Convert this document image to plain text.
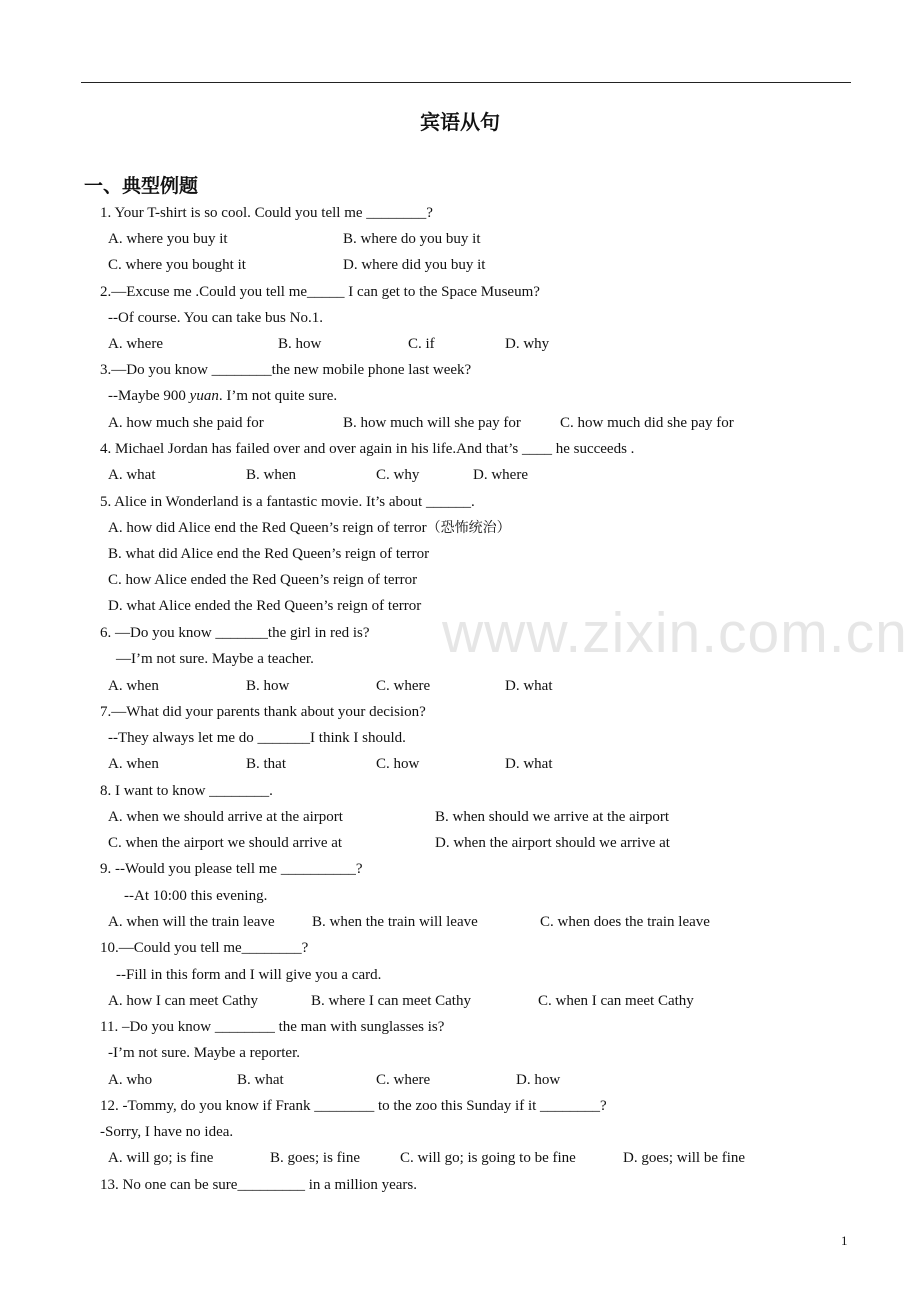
宾语从句
一、典型例题
www.zixin.com.cn
1. Your T-shirt is so cool. Could you tell me ________?
A. where you buy it	B. where do you buy it
C. where you bought it	D. where did you buy it
2.—Excuse me .Could you tell me_____ I can get to the Space Museum?
--Of course. You can take bus No.1.
A. where	B. how	C. if	D. why
3.—Do you know ________the new mobile phone last week?
--Maybe 900 yuan. I’m not quite sure.
A. how much she paid for	B. how much will she pay for	C. how much did she pay for
4. Michael Jordan has failed over and over again in his life.And that’s ____ he succeeds .
A. what	B. when	C. why	D. where
5. Alice in Wonderland is a fantastic movie. It’s about ______.
A. how did Alice end the Red Queen’s reign of terror（恐怖统治）
B. what did Alice end the Red Queen’s reign of terror
C. how Alice ended the Red Queen’s reign of terror
D. what Alice ended the Red Queen’s reign of terror
6. —Do you know _______the girl in red is?
—I’m not sure. Maybe a teacher.
A. when	B. how	C. where	D. what
7.—What did your parents thank about your decision?
--They always let me do _______I think I should.
A. when	B. that	C. how	D. what
8. I want to know ________.
A. when we should arrive at the airport	B. when should we arrive at the airport
C. when the airport we should arrive at	D. when the airport should we arrive at
9. --Would you please tell me __________?
--At 10:00 this evening.
A. when will the train leave B. when the train will leave	C. when does the train leave
10.—Could you tell me________?
--Fill in this form and I will give you a card.
A. how I can meet Cathy	B. where I can meet Cathy	C. when I can meet Cathy
11. –Do you know ________ the man with sunglasses is?
-I’m not sure. Maybe a reporter.
A. who	B. what	C. where	D. how
12. -Tommy, do you know if Frank ________ to the zoo this Sunday if it ________?
-Sorry, I have no idea.
A. will go; is fine	B. goes; is fine	C. will go; is going to be fine	D. goes; will be fine
13. No one can be sure_________ in a million years.
1
